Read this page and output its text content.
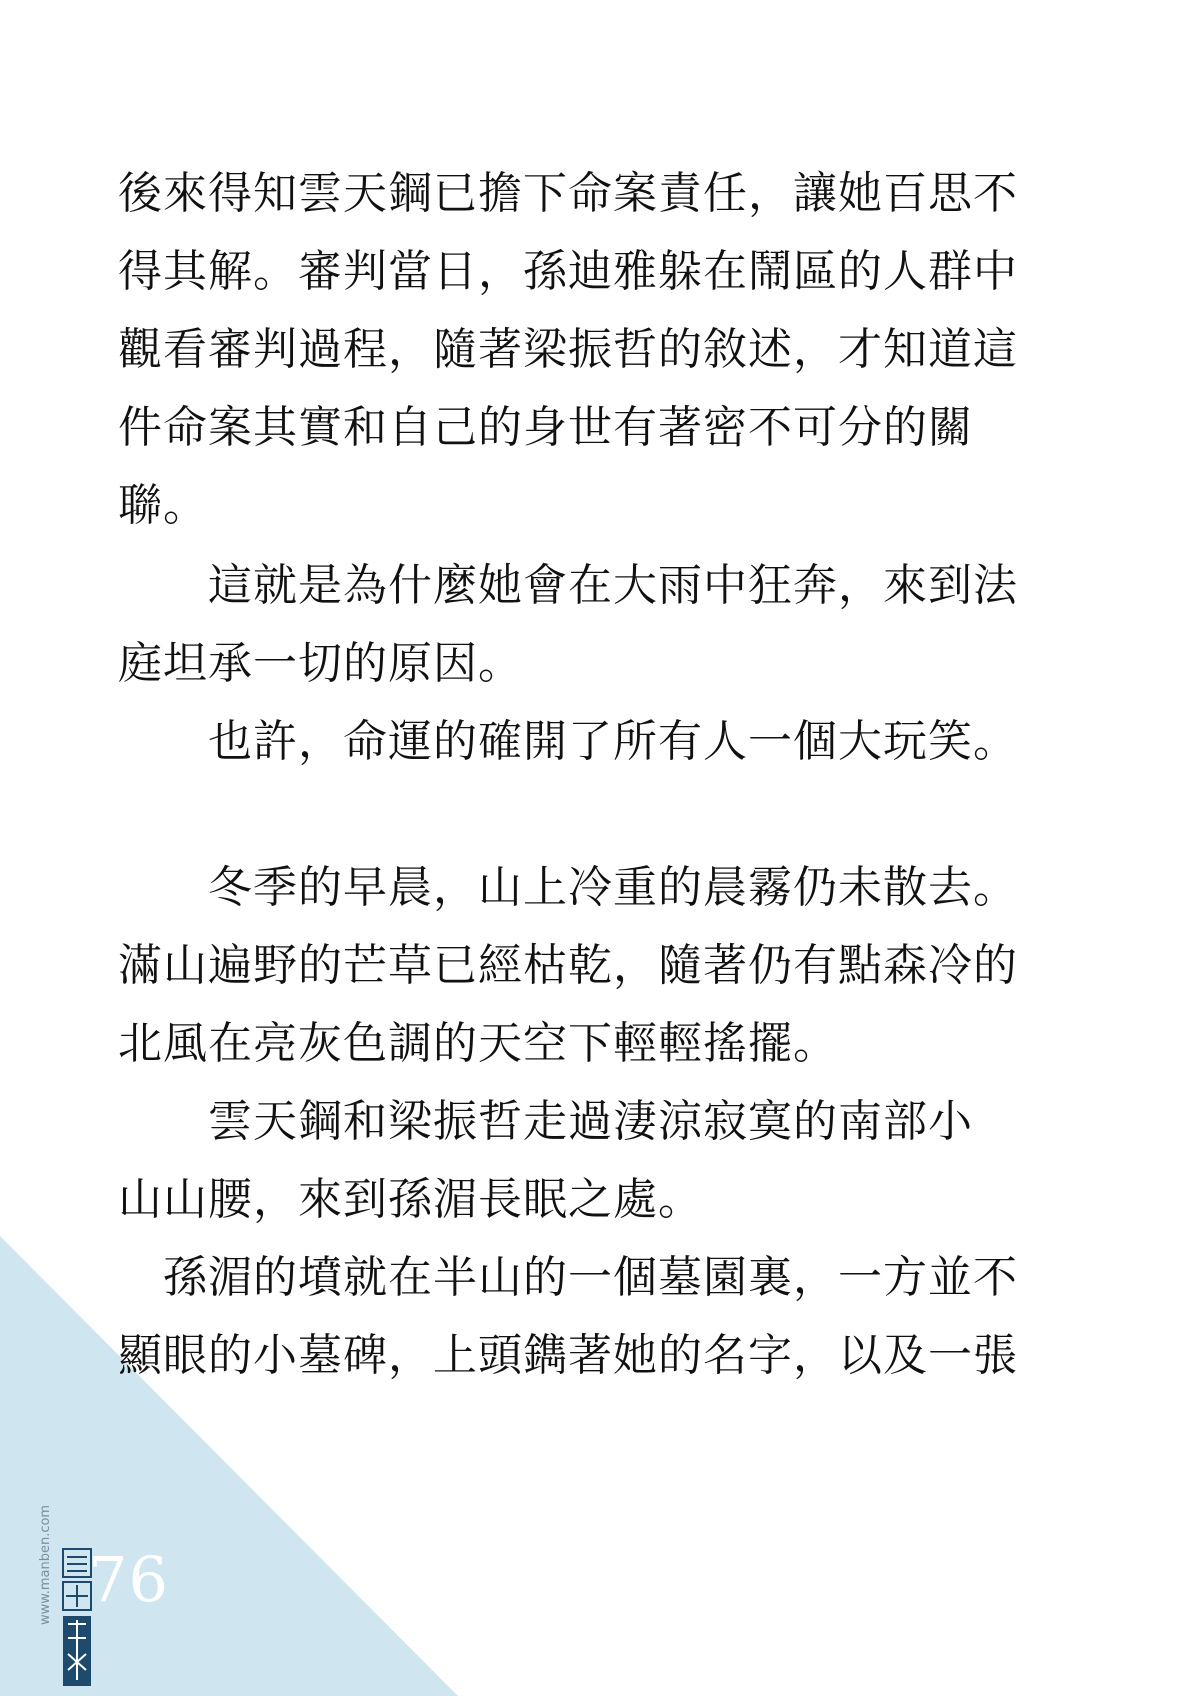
後來得知雲天鋼已擔下命案責任，讓她百思不
得其解。審判當日，孫迪雅躲在鬧區的人群中
觀看審判過程，隨著梁振哲的敘述，才知道這
件命案其實和自己的身世有著密不可分的關
聯。
　　這就是為什麼她會在大雨中狂奔，來到法
庭坦承一切的原因。
　　也許，命運的確開了所有人一個大玩笑。
　　冬季的早晨，山上冷重的晨霧仍未散去。
滿山遍野的芒草已經枯乾，隨著仍有點森冷的
北風在亮灰色調的天空下輕輕搖擺。
　　雲天鋼和梁振哲走過淒涼寂寞的南部小
山山腰，來到孫湄長眠之處。
　孫湄的墳就在半山的一個墓園裏，一方並不
顯眼的小墓碑，上頭鐫著她的名字，以及一張
76
www.manben.com
